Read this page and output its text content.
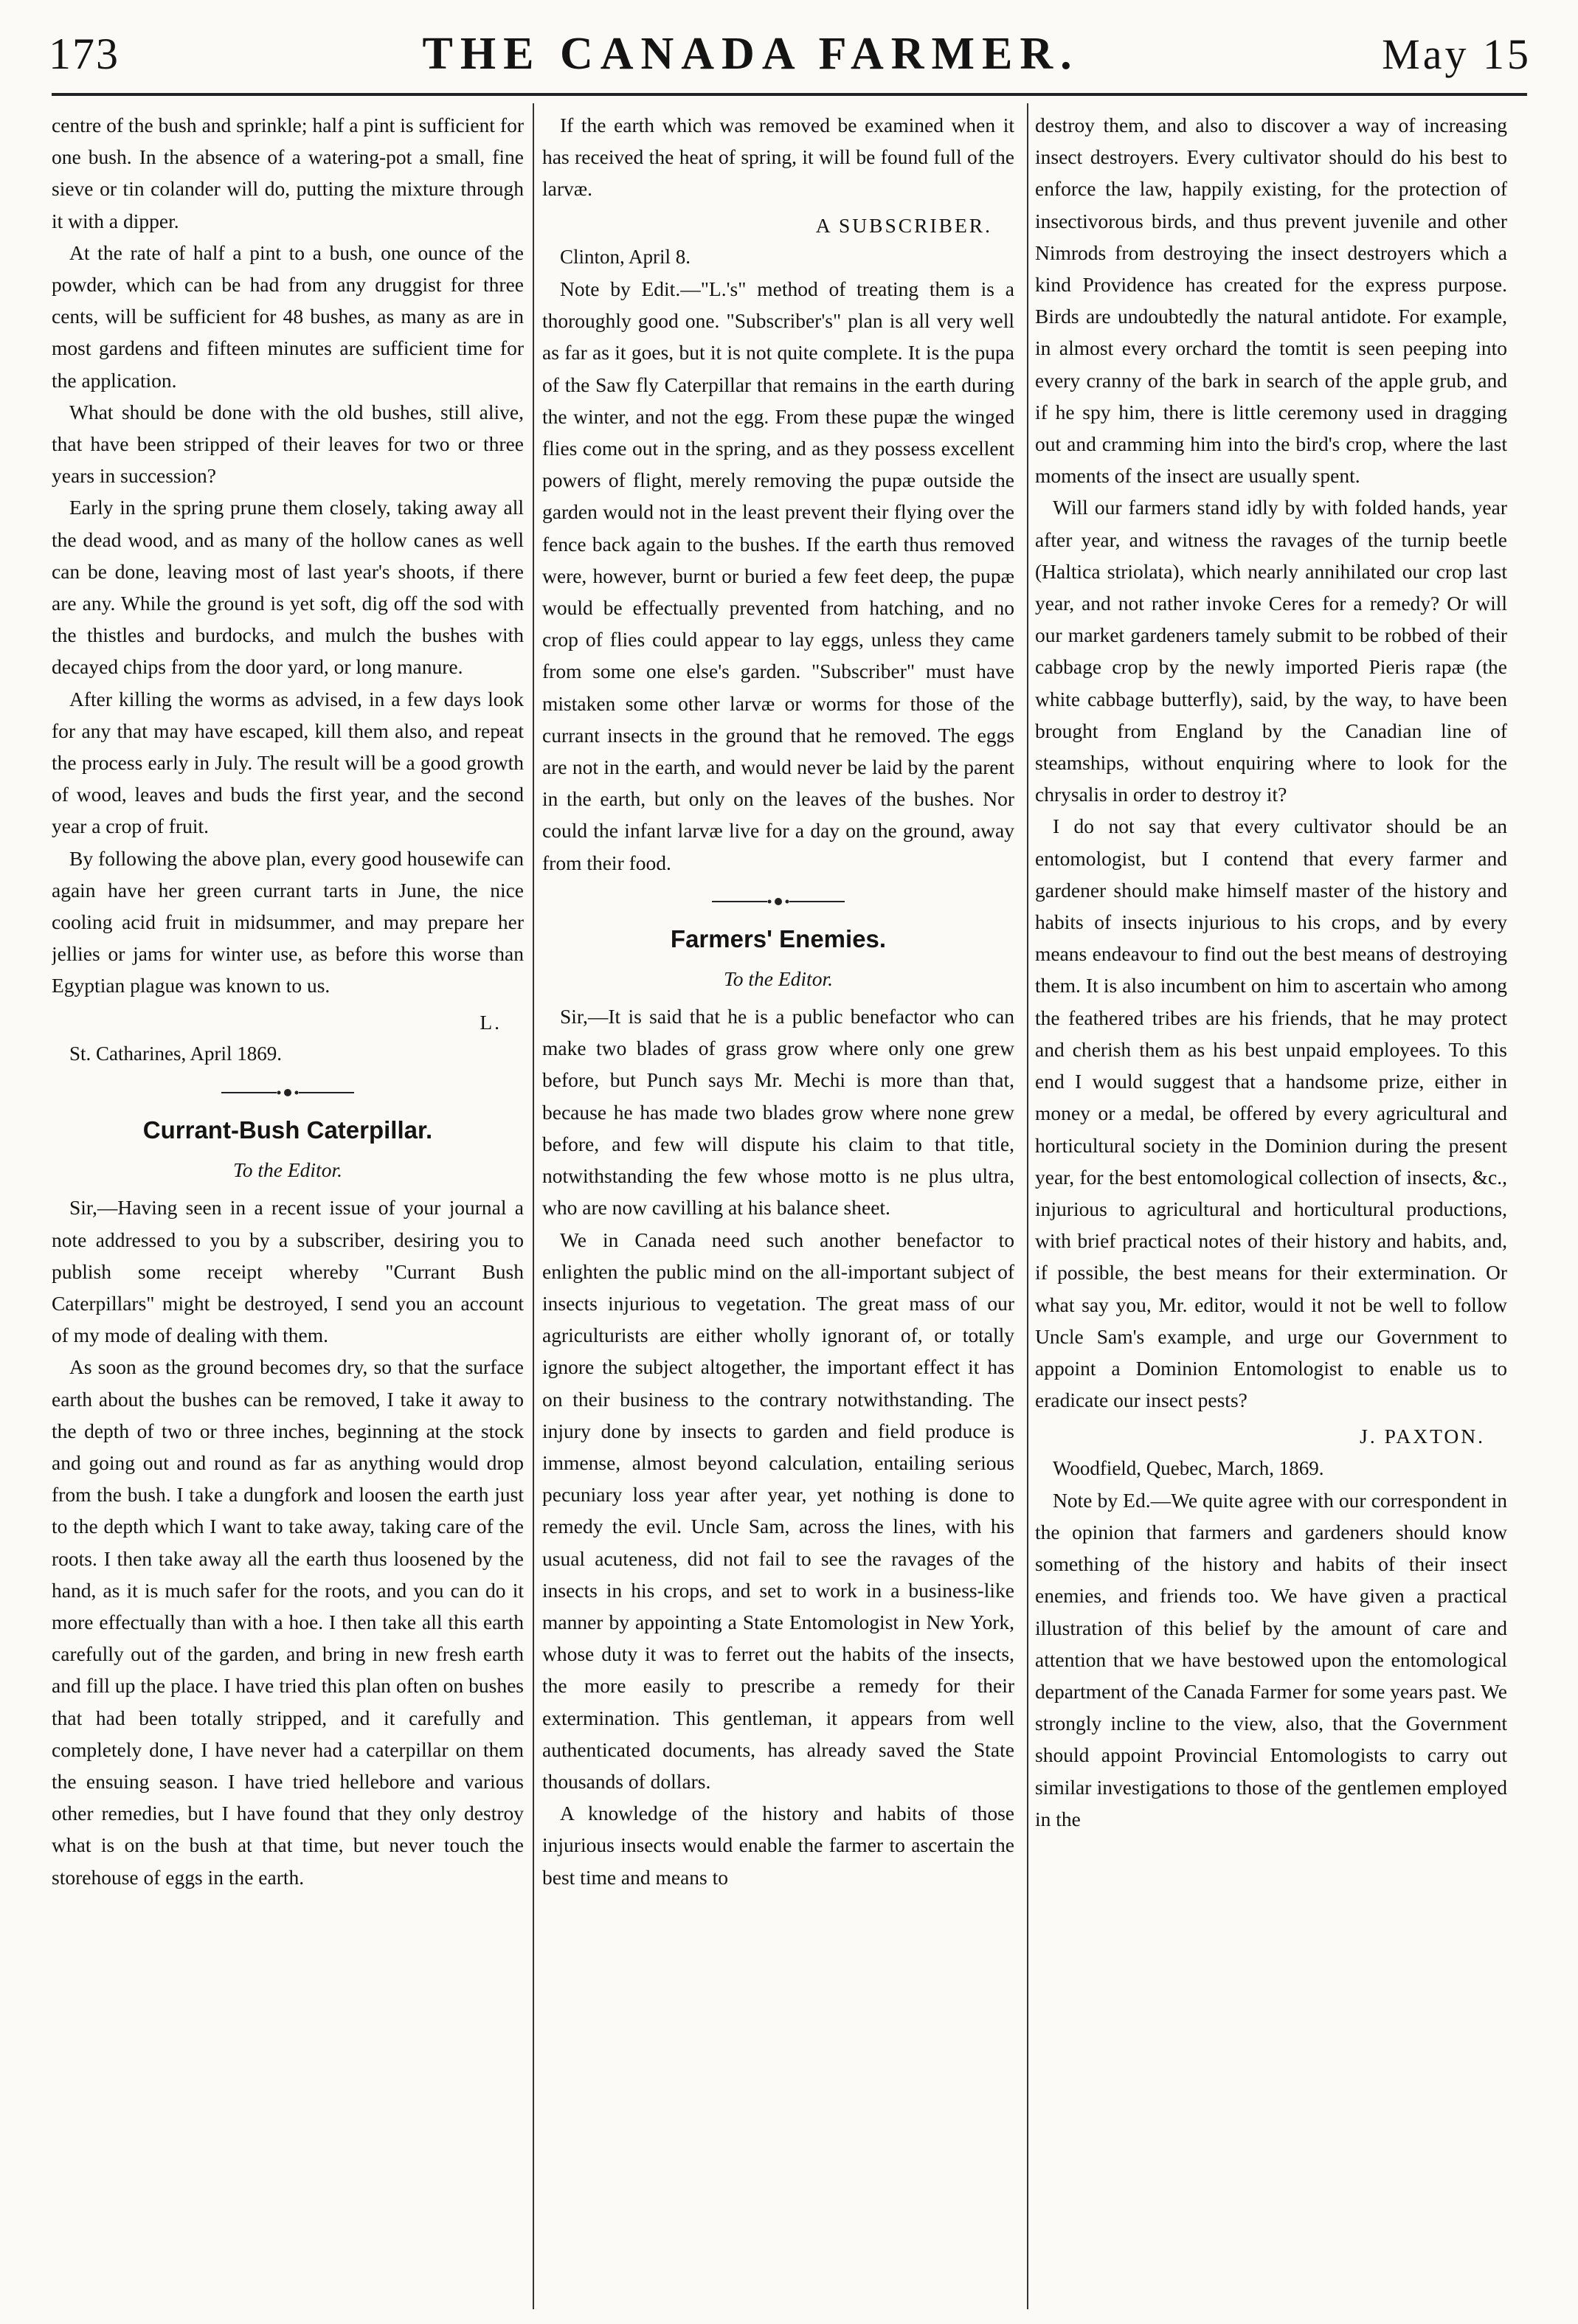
173	THE CANADA FARMER.	May 15

centre of the bush and sprinkle; half a pint is sufficient for one bush. In the absence of a watering-pot a small, fine sieve or tin colander will do, putting the mixture through it with a dipper.

At the rate of half a pint to a bush, one ounce of the powder, which can be had from any druggist for three cents, will be sufficient for 48 bushes, as many as are in most gardens and fifteen minutes are sufficient time for the application.

What should be done with the old bushes, still alive, that have been stripped of their leaves for two or three years in succession?

Early in the spring prune them closely, taking away all the dead wood, and as many of the hollow canes as well can be done, leaving most of last year's shoots, if there are any. While the ground is yet soft, dig off the sod with the thistles and burdocks, and mulch the bushes with decayed chips from the door yard, or long manure.

After killing the worms as advised, in a few days look for any that may have escaped, kill them also, and repeat the process early in July. The result will be a good growth of wood, leaves and buds the first year, and the second year a crop of fruit.

By following the above plan, every good housewife can again have her green currant tarts in June, the nice cooling acid fruit in midsummer, and may prepare her jellies or jams for winter use, as before this worse than Egyptian plague was known to us.

L.

St. Catharines, April 1869.

Currant-Bush Caterpillar.
To the Editor.

Sir,—Having seen in a recent issue of your journal a note addressed to you by a subscriber, desiring you to publish some receipt whereby "Currant Bush Caterpillars" might be destroyed, I send you an account of my mode of dealing with them.

As soon as the ground becomes dry, so that the surface earth about the bushes can be removed, I take it away to the depth of two or three inches, beginning at the stock and going out and round as far as anything would drop from the bush. I take a dungfork and loosen the earth just to the depth which I want to take away, taking care of the roots. I then take away all the earth thus loosened by the hand, as it is much safer for the roots, and you can do it more effectually than with a hoe. I then take all this earth carefully out of the garden, and bring in new fresh earth and fill up the place. I have tried this plan often on bushes that had been totally stripped, and it carefully and completely done, I have never had a caterpillar on them the ensuing season. I have tried hellebore and various other remedies, but I have found that they only destroy what is on the bush at that time, but never touch the storehouse of eggs in the earth.

If the earth which was removed be examined when it has received the heat of spring, it will be found full of the larvæ.

A SUBSCRIBER.

Clinton, April 8.

Note by Edit.—"L.'s" method of treating them is a thoroughly good one. "Subscriber's" plan is all very well as far as it goes, but it is not quite complete. It is the pupa of the Saw fly Caterpillar that remains in the earth during the winter, and not the egg. From these pupæ the winged flies come out in the spring, and as they possess excellent powers of flight, merely removing the pupæ outside the garden would not in the least prevent their flying over the fence back again to the bushes. If the earth thus removed were, however, burnt or buried a few feet deep, the pupæ would be effectually prevented from hatching, and no crop of flies could appear to lay eggs, unless they came from some one else's garden. "Subscriber" must have mistaken some other larvæ or worms for those of the currant insects in the ground that he removed. The eggs are not in the earth, and would never be laid by the parent in the earth, but only on the leaves of the bushes. Nor could the infant larvæ live for a day on the ground, away from their food.

Farmers' Enemies.
To the Editor.

Sir,—It is said that he is a public benefactor who can make two blades of grass grow where only one grew before, but Punch says Mr. Mechi is more than that, because he has made two blades grow where none grew before, and few will dispute his claim to that title, notwithstanding the few whose motto is ne plus ultra, who are now cavilling at his balance sheet.

We in Canada need such another benefactor to enlighten the public mind on the all-important subject of insects injurious to vegetation. The great mass of our agriculturists are either wholly ignorant of, or totally ignore the subject altogether, the important effect it has on their business to the contrary notwithstanding. The injury done by insects to garden and field produce is immense, almost beyond calculation, entailing serious pecuniary loss year after year, yet nothing is done to remedy the evil. Uncle Sam, across the lines, with his usual acuteness, did not fail to see the ravages of the insects in his crops, and set to work in a business-like manner by appointing a State Entomologist in New York, whose duty it was to ferret out the habits of the insects, the more easily to prescribe a remedy for their extermination. This gentleman, it appears from well authenticated documents, has already saved the State thousands of dollars.

A knowledge of the history and habits of those injurious insects would enable the farmer to ascertain the best time and means to

destroy them, and also to discover a way of increasing insect destroyers. Every cultivator should do his best to enforce the law, happily existing, for the protection of insectivorous birds, and thus prevent juvenile and other Nimrods from destroying the insect destroyers which a kind Providence has created for the express purpose. Birds are undoubtedly the natural antidote. For example, in almost every orchard the tomtit is seen peeping into every cranny of the bark in search of the apple grub, and if he spy him, there is little ceremony used in dragging out and cramming him into the bird's crop, where the last moments of the insect are usually spent.

Will our farmers stand idly by with folded hands, year after year, and witness the ravages of the turnip beetle (Haltica striolata), which nearly annihilated our crop last year, and not rather invoke Ceres for a remedy? Or will our market gardeners tamely submit to be robbed of their cabbage crop by the newly imported Pieris rapæ (the white cabbage butterfly), said, by the way, to have been brought from England by the Canadian line of steamships, without enquiring where to look for the chrysalis in order to destroy it?

I do not say that every cultivator should be an entomologist, but I contend that every farmer and gardener should make himself master of the history and habits of insects injurious to his crops, and by every means endeavour to find out the best means of destroying them. It is also incumbent on him to ascertain who among the feathered tribes are his friends, that he may protect and cherish them as his best unpaid employees. To this end I would suggest that a handsome prize, either in money or a medal, be offered by every agricultural and horticultural society in the Dominion during the present year, for the best entomological collection of insects, &c., injurious to agricultural and horticultural productions, with brief practical notes of their history and habits, and, if possible, the best means for their extermination. Or what say you, Mr. editor, would it not be well to follow Uncle Sam's example, and urge our Government to appoint a Dominion Entomologist to enable us to eradicate our insect pests?

J. PAXTON.

Woodfield, Quebec, March, 1869.

Note by Ed.—We quite agree with our correspondent in the opinion that farmers and gardeners should know something of the history and habits of their insect enemies, and friends too. We have given a practical illustration of this belief by the amount of care and attention that we have bestowed upon the entomological department of the Canada Farmer for some years past. We strongly incline to the view, also, that the Government should appoint Provincial Entomologists to carry out similar investigations to those of the gentlemen employed in the
